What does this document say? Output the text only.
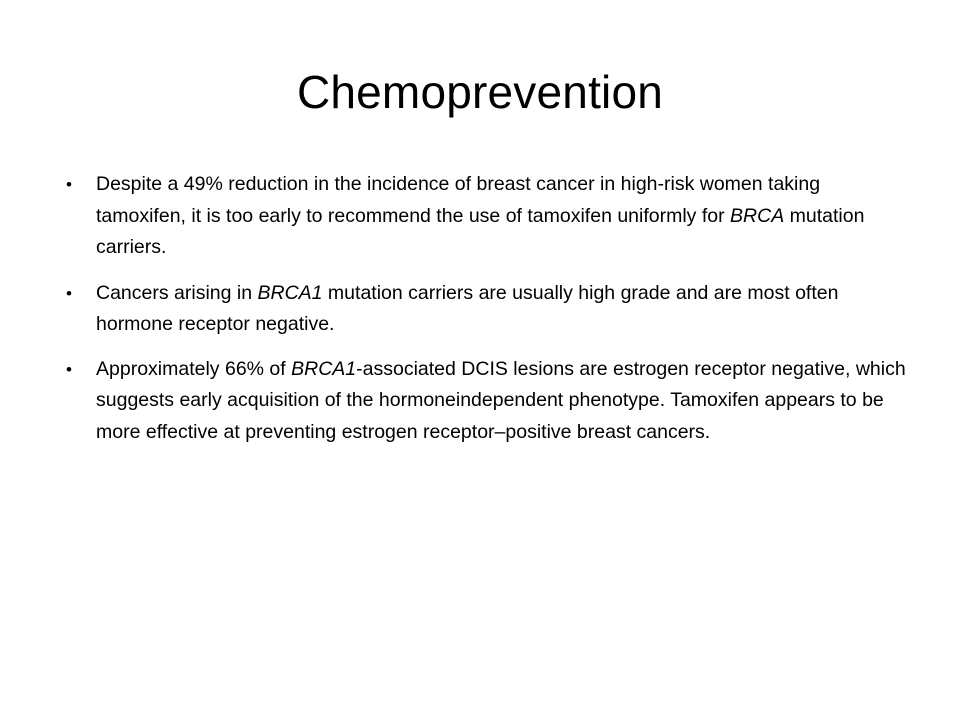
Chemoprevention
•	Despite a 49% reduction in the incidence of breast cancer in high-risk women taking tamoxifen, it is too early to recommend the use of tamoxifen uniformly for BRCA mutation carriers.
•	Cancers arising in BRCA1 mutation carriers are usually high grade and are most often hormone receptor negative.
•	Approximately 66% of BRCA1-associated DCIS lesions are estrogen receptor negative, which suggests early acquisition of the hormoneindependent phenotype. Tamoxifen appears to be more effective at preventing estrogen receptor–positive breast cancers.
